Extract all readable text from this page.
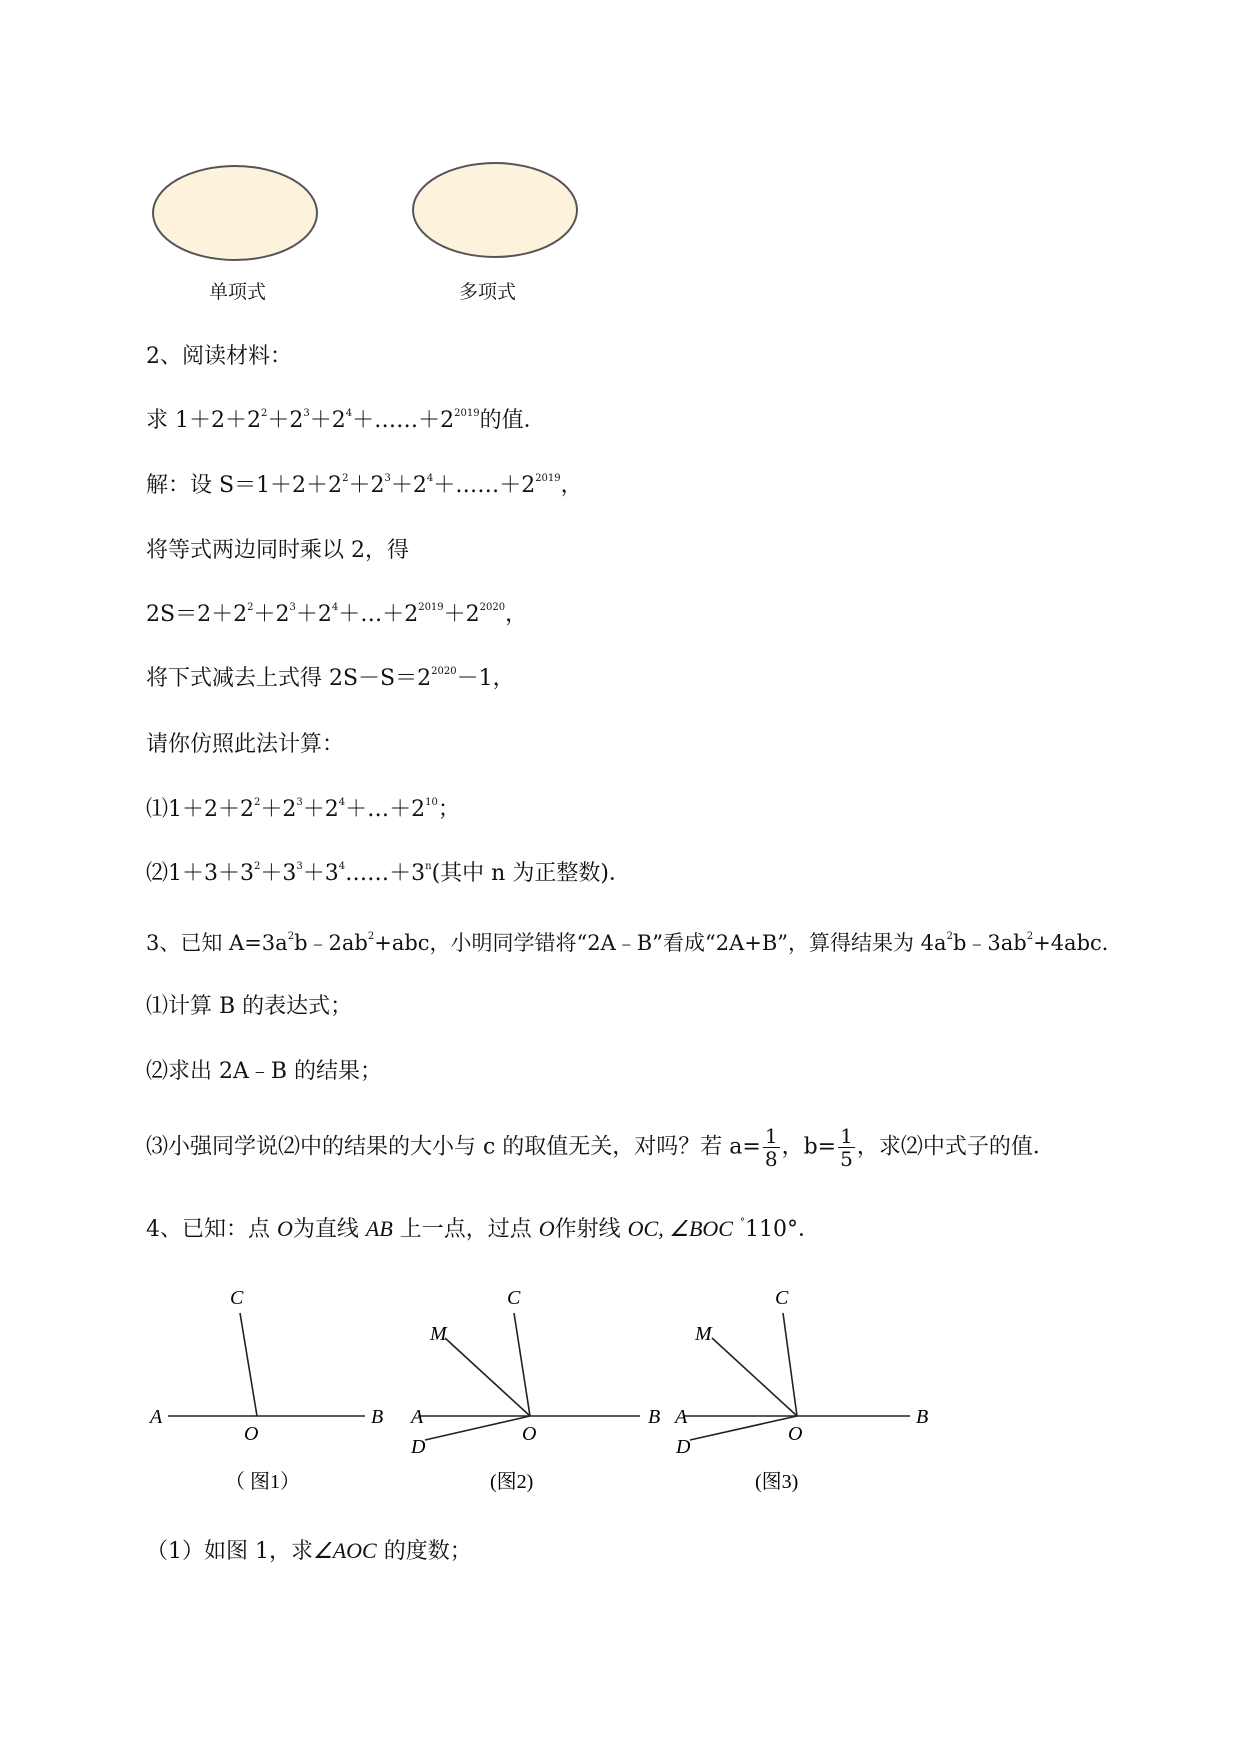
单项式	多项式
2、阅读材料：
求 $1+2+2^2+2^3+2^4+\dots\dots+2^{2019}$的值．
解：设 $S=1+2+2^2+2^3+2^4+\dots\dots+2^{2019}$，
将等式两边同时乘以 2，得
$2S=2+2^2+2^3+2^4+\dots+2^{2019}+2^{2020}$，
将下式减去上式得 $2S-S=2^{2020}-1$，
请你仿照此法计算：
$⑴1+2+2^2+2^3+2^4+\dots+2^{10}$；
$⑵1+3+3^2+3^3+3^4\dots\dots+3^n$(其中 n 为正整数)．
3、已知 $A=3a^2b﹣2ab^2+abc$，小明同学错将“2A﹣B”看成“2A+B”，算得结果为 $4a^2b﹣3ab^2+4abc$．
⑴计算 B 的表达式；
⑵求出 2A﹣B 的结果；
⑶小强同学说⑵中的结果的大小与 c 的取值无关，对吗？若 $a= \frac{1}{8}$ ，$b= \frac{1}{5}$ ，求⑵中式子的值．
4、已知：点 O为直线 AB 上一点，过点 O作射线 OC, ∠BOC °110°．
C
A
O
B
（ 图1）
C
M
A
O
B
D
(图2)
C
M
A
O
B
D
(图3)
（1）如图 1，求∠AOC 的度数；
